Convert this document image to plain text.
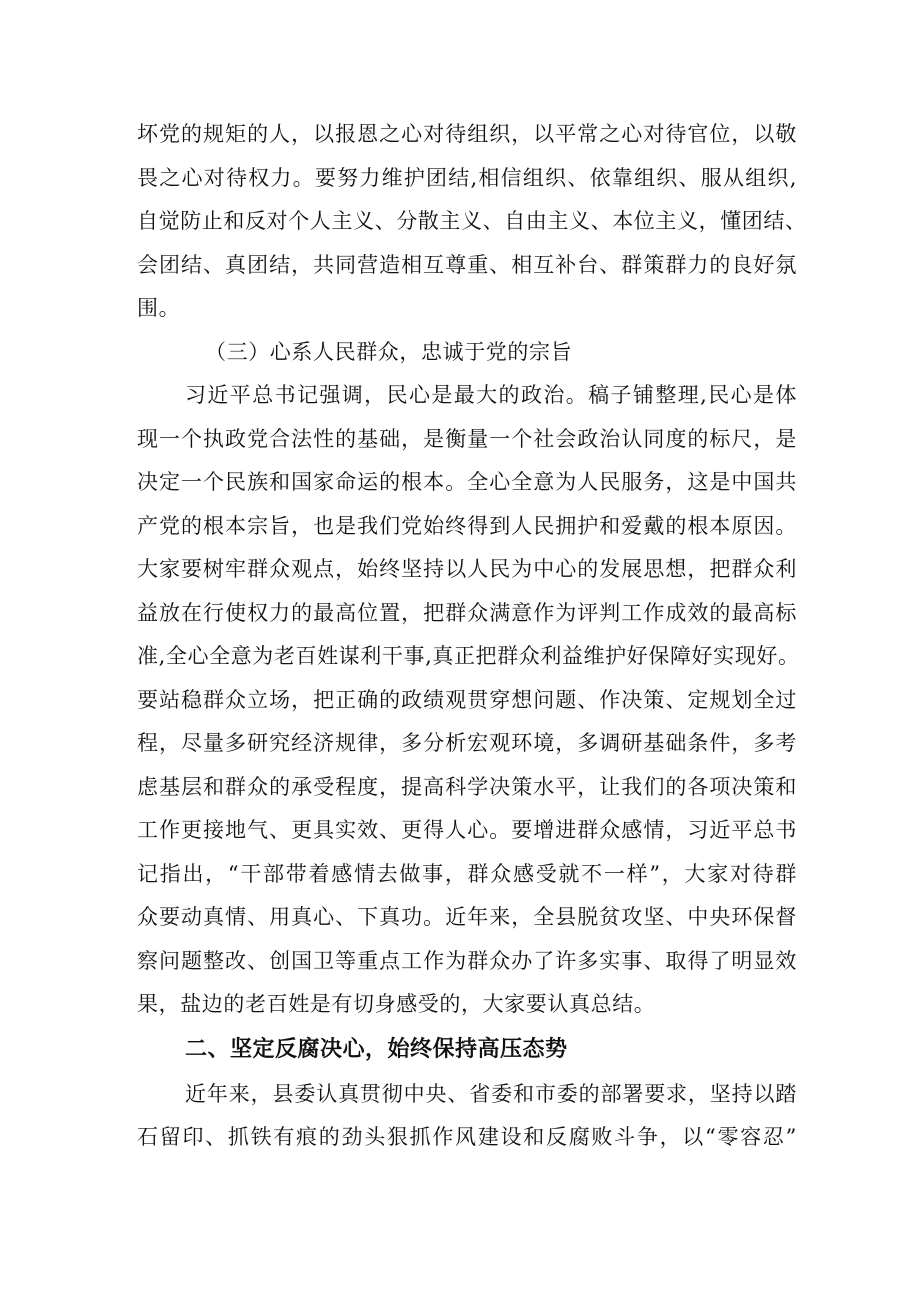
坏党的规矩的人，以报恩之心对待组织，以平常之心对待官位，以敬
畏之心对待权力。要努力维护团结,相信组织、依靠组织、服从组织,
自觉防止和反对个人主义、分散主义、自由主义、本位主义，懂团结、
会团结、真团结，共同营造相互尊重、相互补台、群策群力的良好氛
围。
（三）心系人民群众，忠诚于党的宗旨
习近平总书记强调，民心是最大的政治。稿子铺整理,民心是体
现一个执政党合法性的基础，是衡量一个社会政治认同度的标尺，是
决定一个民族和国家命运的根本。全心全意为人民服务，这是中国共
产党的根本宗旨，也是我们党始终得到人民拥护和爱戴的根本原因。
大家要树牢群众观点，始终坚持以人民为中心的发展思想，把群众利
益放在行使权力的最高位置，把群众满意作为评判工作成效的最高标
准,全心全意为老百姓谋利干事,真正把群众利益维护好保障好实现好。
要站稳群众立场，把正确的政绩观贯穿想问题、作决策、定规划全过
程，尽量多研究经济规律，多分析宏观环境，多调研基础条件，多考
虑基层和群众的承受程度，提高科学决策水平，让我们的各项决策和
工作更接地气、更具实效、更得人心。要增进群众感情，习近平总书
记指出，“干部带着感情去做事，群众感受就不一样”，大家对待群
众要动真情、用真心、下真功。近年来，全县脱贫攻坚、中央环保督
察问题整改、创国卫等重点工作为群众办了许多实事、取得了明显效
果，盐边的老百姓是有切身感受的，大家要认真总结。
二、坚定反腐决心，始终保持高压态势
近年来，县委认真贯彻中央、省委和市委的部署要求，坚持以踏
石留印、抓铁有痕的劲头狠抓作风建设和反腐败斗争，以“零容忍”
